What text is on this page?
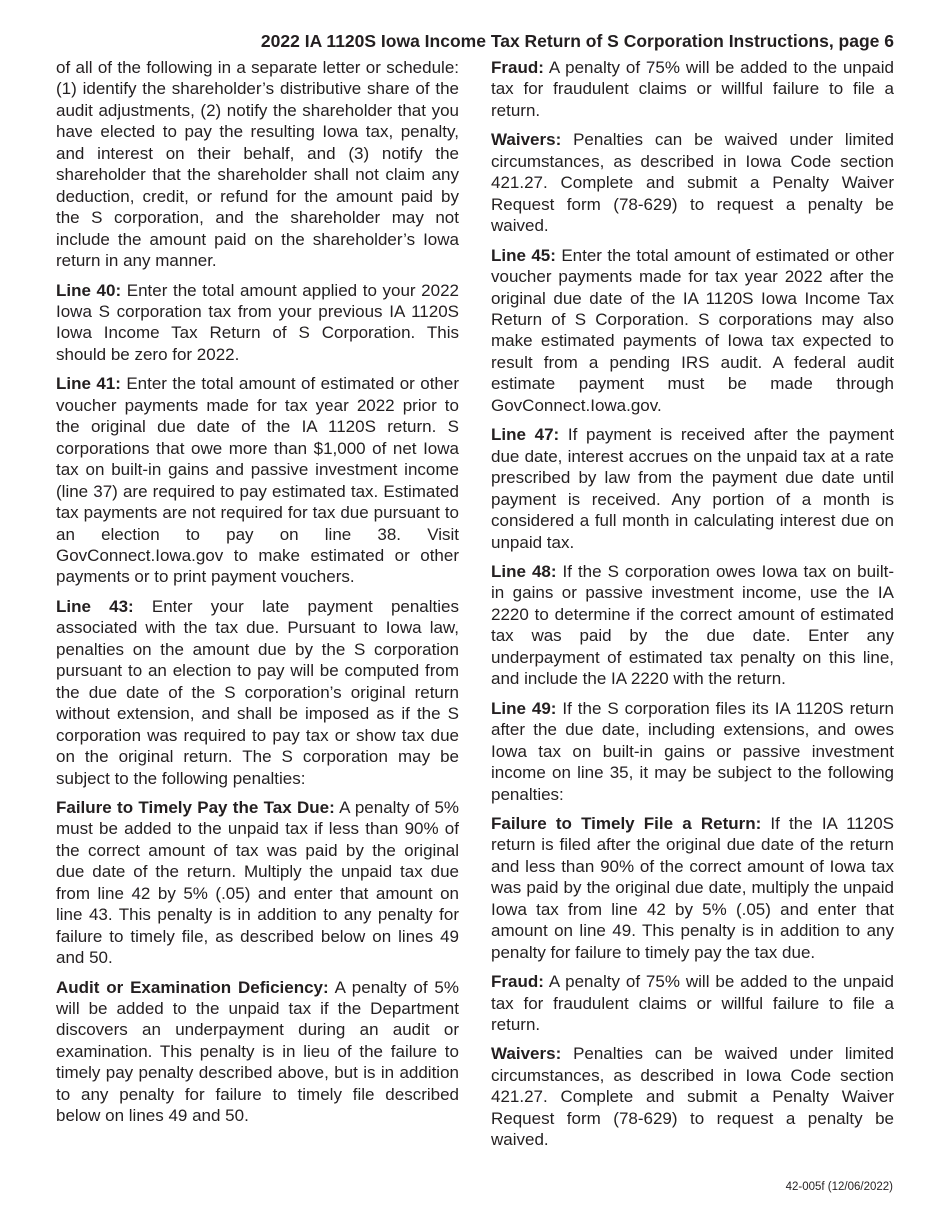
2022 IA 1120S Iowa Income Tax Return of S Corporation Instructions, page 6

of all of the following in a separate letter or schedule: (1) identify the shareholder’s distributive share of the audit adjustments, (2) notify the shareholder that you have elected to pay the resulting Iowa tax, penalty, and interest on their behalf, and (3) notify the shareholder that the shareholder shall not claim any deduction, credit, or refund for the amount paid by the S corporation, and the shareholder may not include the amount paid on the shareholder’s Iowa return in any manner.

Line 40: Enter the total amount applied to your 2022 Iowa S corporation tax from your previous IA 1120S Iowa Income Tax Return of S Corporation. This should be zero for 2022.

Line 41: Enter the total amount of estimated or other voucher payments made for tax year 2022 prior to the original due date of the IA 1120S return. S corporations that owe more than $1,000 of net Iowa tax on built-in gains and passive investment income (line 37) are required to pay estimated tax. Estimated tax payments are not required for tax due pursuant to an election to pay on line 38. Visit GovConnect.Iowa.gov to make estimated or other payments or to print payment vouchers.

Line 43: Enter your late payment penalties associated with the tax due. Pursuant to Iowa law, penalties on the amount due by the S corporation pursuant to an election to pay will be computed from the due date of the S corporation’s original return without extension, and shall be imposed as if the S corporation was required to pay tax or show tax due on the original return. The S corporation may be subject to the following penalties:

Failure to Timely Pay the Tax Due: A penalty of 5% must be added to the unpaid tax if less than 90% of the correct amount of tax was paid by the original due date of the return. Multiply the unpaid tax due from line 42 by 5% (.05) and enter that amount on line 43. This penalty is in addition to any penalty for failure to timely file, as described below on lines 49 and 50.

Audit or Examination Deficiency: A penalty of 5% will be added to the unpaid tax if the Department discovers an underpayment during an audit or examination. This penalty is in lieu of the failure to timely pay penalty described above, but is in addition to any penalty for failure to timely file described below on lines 49 and 50.

Fraud: A penalty of 75% will be added to the unpaid tax for fraudulent claims or willful failure to file a return.

Waivers: Penalties can be waived under limited circumstances, as described in Iowa Code section 421.27. Complete and submit a Penalty Waiver Request form (78-629) to request a penalty be waived.

Line 45: Enter the total amount of estimated or other voucher payments made for tax year 2022 after the original due date of the IA 1120S Iowa Income Tax Return of S Corporation. S corporations may also make estimated payments of Iowa tax expected to result from a pending IRS audit. A federal audit estimate payment must be made through GovConnect.Iowa.gov.

Line 47: If payment is received after the payment due date, interest accrues on the unpaid tax at a rate prescribed by law from the payment due date until payment is received. Any portion of a month is considered a full month in calculating interest due on unpaid tax.

Line 48: If the S corporation owes Iowa tax on built-in gains or passive investment income, use the IA 2220 to determine if the correct amount of estimated tax was paid by the due date. Enter any underpayment of estimated tax penalty on this line, and include the IA 2220 with the return.

Line 49: If the S corporation files its IA 1120S return after the due date, including extensions, and owes Iowa tax on built-in gains or passive investment income on line 35, it may be subject to the following penalties:

Failure to Timely File a Return: If the IA 1120S return is filed after the original due date of the return and less than 90% of the correct amount of Iowa tax was paid by the original due date, multiply the unpaid Iowa tax from line 42 by 5% (.05) and enter that amount on line 49. This penalty is in addition to any penalty for failure to timely pay the tax due.

Fraud: A penalty of 75% will be added to the unpaid tax for fraudulent claims or willful failure to file a return.

Waivers: Penalties can be waived under limited circumstances, as described in Iowa Code section 421.27. Complete and submit a Penalty Waiver Request form (78-629) to request a penalty be waived.

42-005f (12/06/2022)
